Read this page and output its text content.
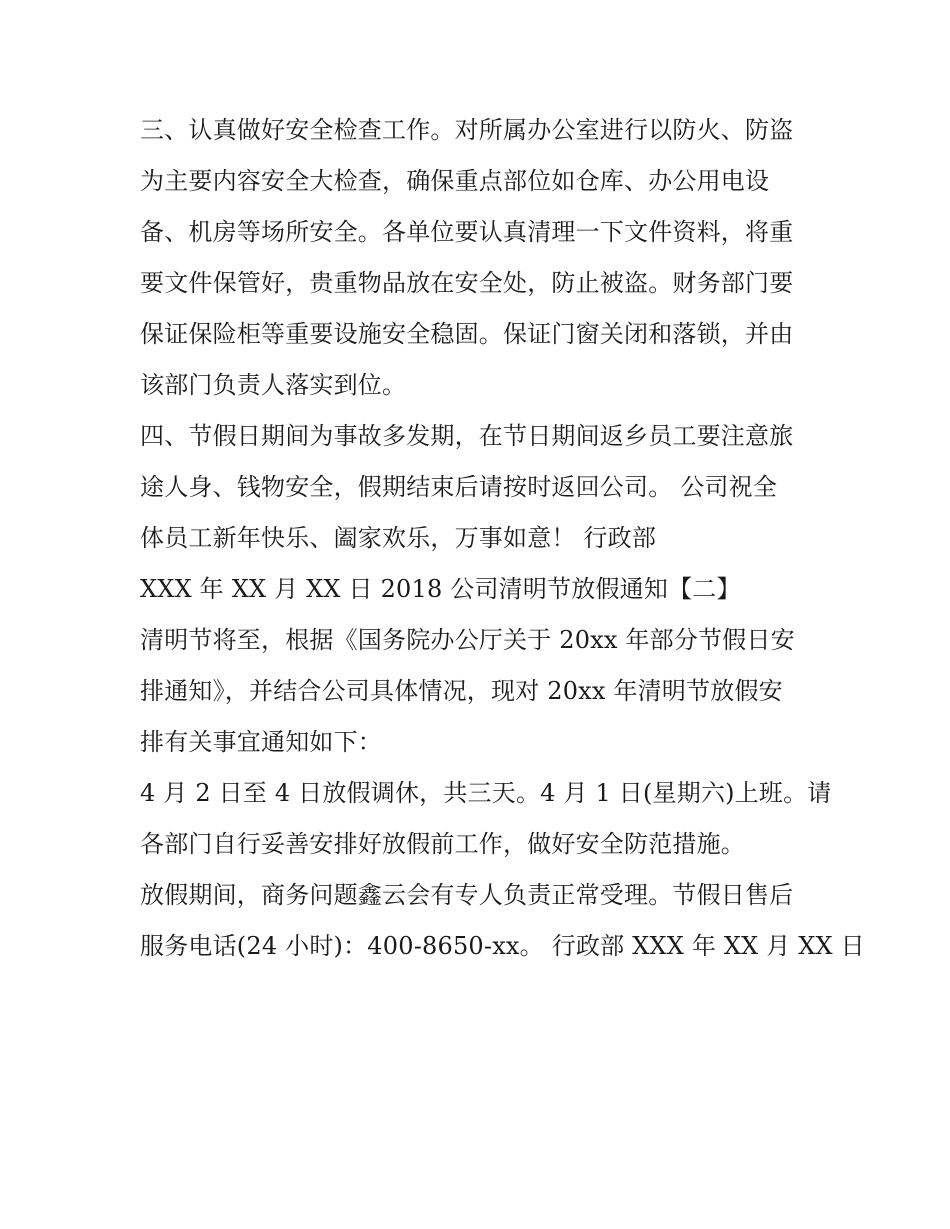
三、认真做好安全检查工作。对所属办公室进行以防火、防盗
为主要内容安全大检查，确保重点部位如仓库、办公用电设
备、机房等场所安全。各单位要认真清理一下文件资料，将重
要文件保管好，贵重物品放在安全处，防止被盗。财务部门要
保证保险柜等重要设施安全稳固。保证门窗关闭和落锁，并由
该部门负责人落实到位。
四、节假日期间为事故多发期，在节日期间返乡员工要注意旅
途人身、钱物安全，假期结束后请按时返回公司。 公司祝全
体员工新年快乐、阖家欢乐，万事如意！ 行政部
XXX 年 XX 月 XX 日 2018 公司清明节放假通知【二】
清明节将至，根据《国务院办公厅关于 20xx 年部分节假日安
排通知》，并结合公司具体情况，现对 20xx 年清明节放假安
排有关事宜通知如下：
4 月 2 日至 4 日放假调休，共三天。4 月 1 日(星期六)上班。请
各部门自行妥善安排好放假前工作，做好安全防范措施。
放假期间，商务问题鑫云会有专人负责正常受理。节假日售后
服务电话(24 小时)：400-8650-xx。 行政部 XXX 年 XX 月 XX 日
